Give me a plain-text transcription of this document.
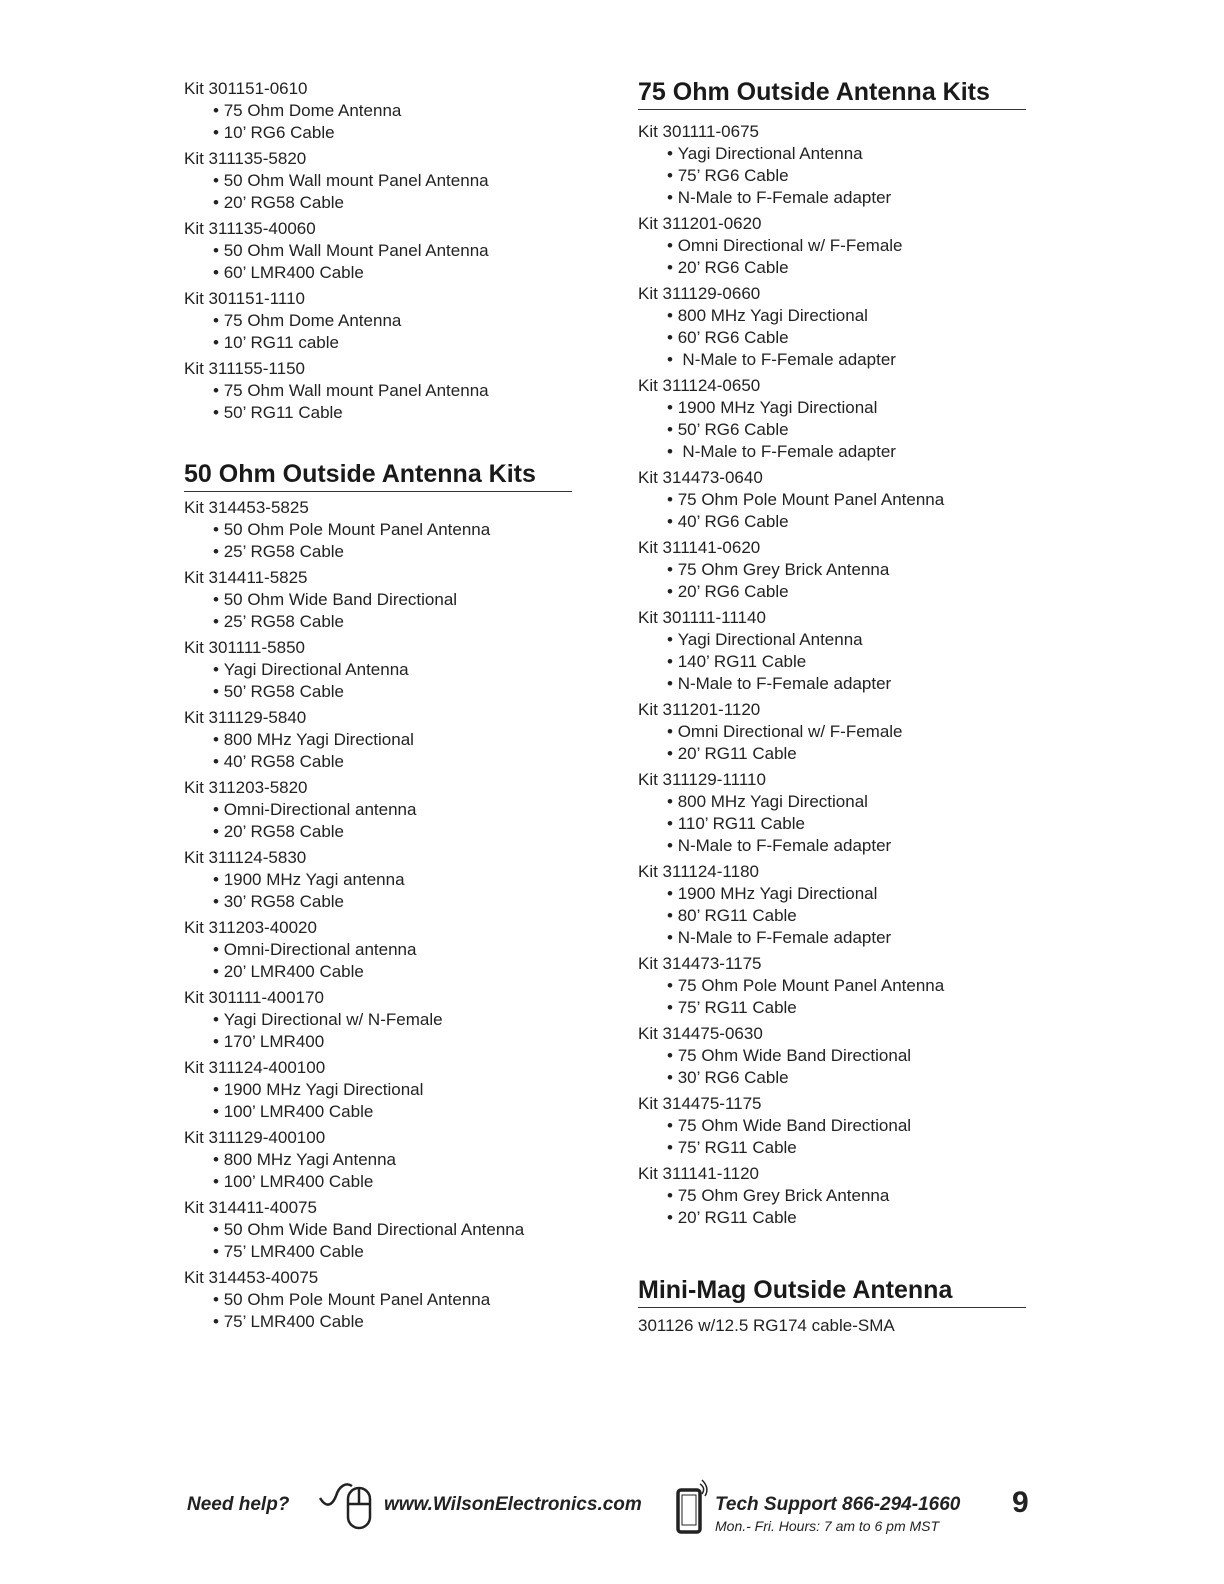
Kit 301151-0610
• 75 Ohm Dome Antenna
• 10’ RG6 Cable
Kit 311135-5820
• 50 Ohm Wall mount Panel Antenna
• 20’ RG58 Cable
Kit 311135-40060
• 50 Ohm Wall Mount Panel Antenna
• 60’ LMR400 Cable
Kit 301151-1110
• 75 Ohm Dome Antenna
• 10’ RG11 cable
Kit 311155-1150
• 75 Ohm Wall mount Panel Antenna
• 50’ RG11 Cable
50 Ohm Outside Antenna Kits
Kit 314453-5825
• 50 Ohm Pole Mount Panel Antenna
• 25’ RG58 Cable
Kit 314411-5825
• 50 Ohm Wide Band Directional
• 25’ RG58 Cable
Kit 301111-5850
• Yagi Directional Antenna
• 50’ RG58 Cable
Kit 311129-5840
• 800 MHz Yagi Directional
• 40’ RG58 Cable
Kit 311203-5820
• Omni-Directional antenna
• 20’ RG58 Cable
Kit 311124-5830
• 1900 MHz Yagi antenna
• 30’ RG58 Cable
Kit 311203-40020
• Omni-Directional antenna
• 20’ LMR400 Cable
Kit 301111-400170
• Yagi Directional w/ N-Female
• 170’ LMR400
Kit 311124-400100
• 1900 MHz Yagi Directional
• 100’ LMR400 Cable
Kit 311129-400100
• 800 MHz Yagi Antenna
• 100’ LMR400 Cable
Kit 314411-40075
• 50 Ohm Wide Band Directional Antenna
• 75’ LMR400 Cable
Kit 314453-40075
• 50 Ohm Pole Mount Panel Antenna
• 75’ LMR400 Cable
75 Ohm Outside Antenna Kits
Kit 301111-0675
• Yagi Directional Antenna
• 75’ RG6 Cable
• N-Male to F-Female adapter
Kit 311201-0620
• Omni Directional w/ F-Female
• 20’ RG6 Cable
Kit 311129-0660
• 800 MHz Yagi Directional
• 60’ RG6 Cable
•  N-Male to F-Female adapter
Kit 311124-0650
• 1900 MHz Yagi Directional
• 50’ RG6 Cable
•  N-Male to F-Female adapter
Kit 314473-0640
• 75 Ohm Pole Mount Panel Antenna
• 40’ RG6 Cable
Kit 311141-0620
• 75 Ohm Grey Brick Antenna
• 20’ RG6 Cable
Kit 301111-11140
• Yagi Directional Antenna
• 140’ RG11 Cable
• N-Male to F-Female adapter
Kit 311201-1120
• Omni Directional w/ F-Female
• 20’ RG11 Cable
Kit 311129-11110
• 800 MHz Yagi Directional
• 110’ RG11 Cable
• N-Male to F-Female adapter
Kit 311124-1180
• 1900 MHz Yagi Directional
• 80’ RG11 Cable
• N-Male to F-Female adapter
Kit 314473-1175
• 75 Ohm Pole Mount Panel Antenna
• 75’ RG11 Cable
Kit 314475-0630
• 75 Ohm Wide Band Directional
• 30’ RG6 Cable
Kit 314475-1175
• 75 Ohm Wide Band Directional
• 75’ RG11 Cable
Kit 311141-1120
• 75 Ohm Grey Brick Antenna
• 20’ RG11 Cable
Mini-Mag Outside Antenna
301126 w/12.5 RG174 cable-SMA
Need help?	www.WilsonElectronics.com	Tech Support 866-294-1660
Mon.- Fri. Hours: 7 am to 6 pm MST
9
